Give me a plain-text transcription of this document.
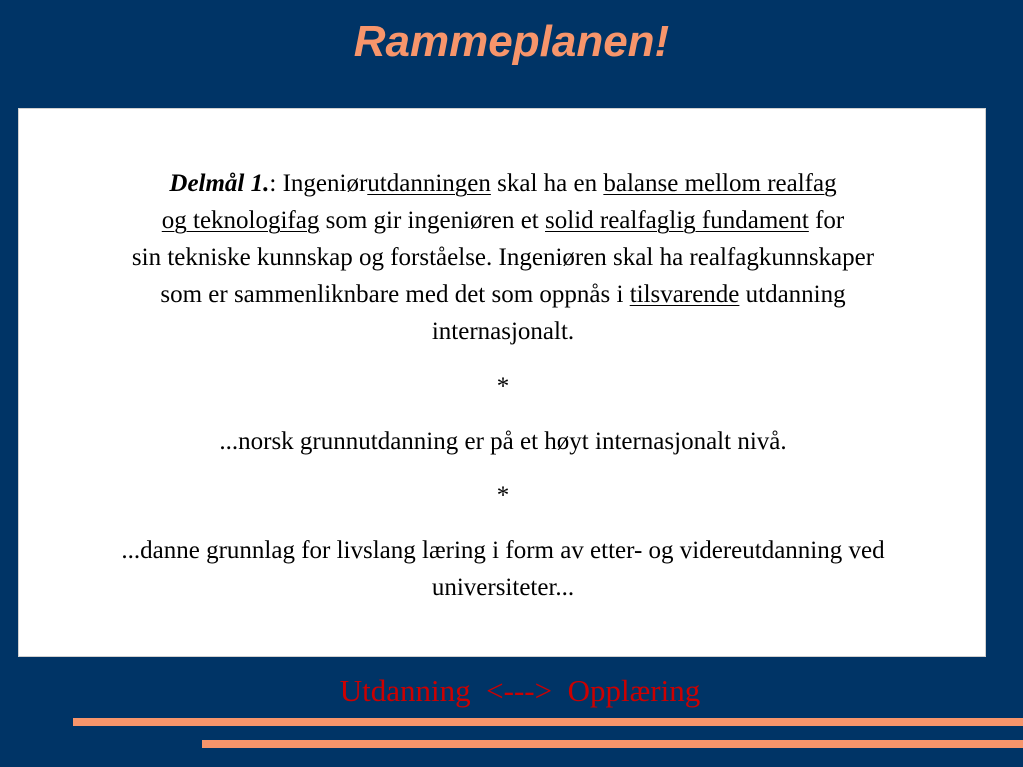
Rammeplanen!

Delmål 1.: Ingeniørutdanningen skal ha en balanse mellom realfag
og teknologifag som gir ingeniøren et solid realfaglig fundament for
sin tekniske kunnskap og forståelse. Ingeniøren skal ha realfagkunnskaper
som er sammenliknbare med det som oppnås i tilsvarende utdanning
internasjonalt.

*

...norsk grunnutdanning er på et høyt internasjonalt nivå.

*

...danne grunnlag for livslang læring i form av etter- og videreutdanning ved
universiteter...

Utdanning  <--->  Opplæring
